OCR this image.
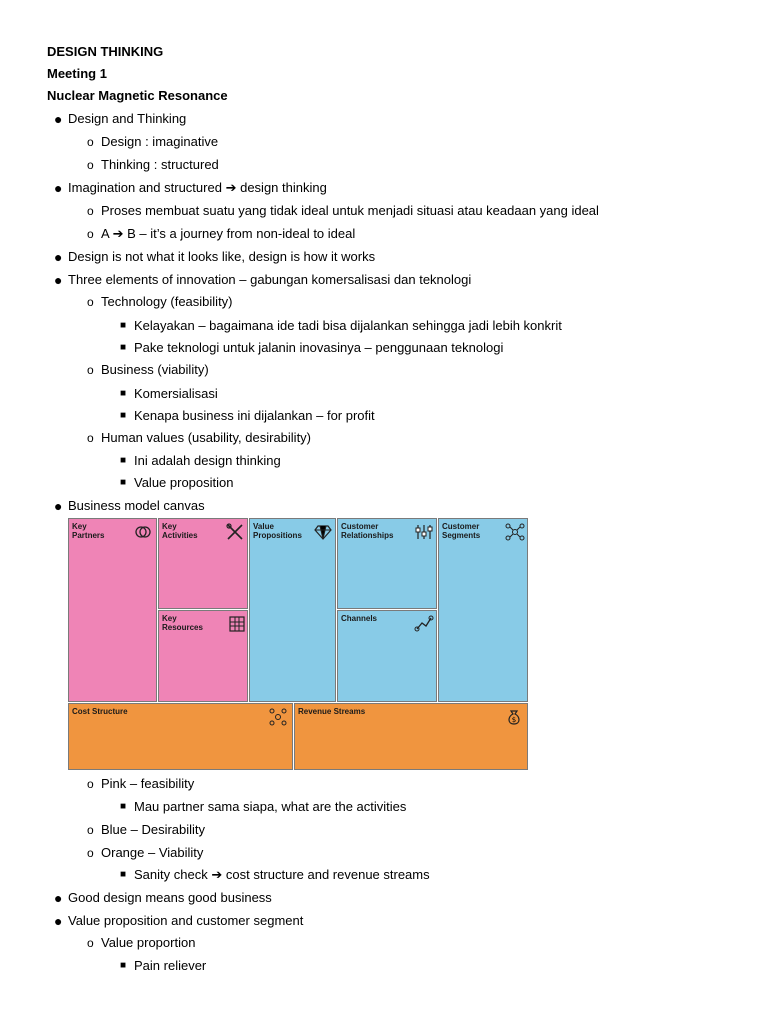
DESIGN THINKING
Meeting 1
Nuclear Magnetic Resonance
● Design and Thinking
o Design : imaginative
o Thinking : structured
● Imagination and structured ➔ design thinking
o Proses membuat suatu yang tidak ideal untuk menjadi situasi atau keadaan yang ideal
o A ➔ B – it’s a journey from non-ideal to ideal
● Design is not what it looks like, design is how it works
● Three elements of innovation – gabungan komersalisasi dan teknologi
o Technology (feasibility)
■ Kelayakan – bagaimana ide tadi bisa dijalankan sehingga jadi lebih konkrit
■ Pake teknologi untuk jalanin inovasinya – penggunaan teknologi
o Business (viability)
■ Komersialisasi
■ Kenapa business ini dijalankan – for profit
o Human values (usability, desirability)
■ Ini adalah design thinking
■ Value proposition
● Business model canvas
Key
Partners
Key
Activities
Key
Resources
Value
Propositions
Customer
Relationships
Channels
Customer
Segments
Cost Structure	Revenue Streams
$
o Pink – feasibility
■ Mau partner sama siapa, what are the activities
o Blue – Desirability
o Orange – Viability
■ Sanity check ➔ cost structure and revenue streams
● Good design means good business
● Value proposition and customer segment
o Value proportion
■ Pain reliever
